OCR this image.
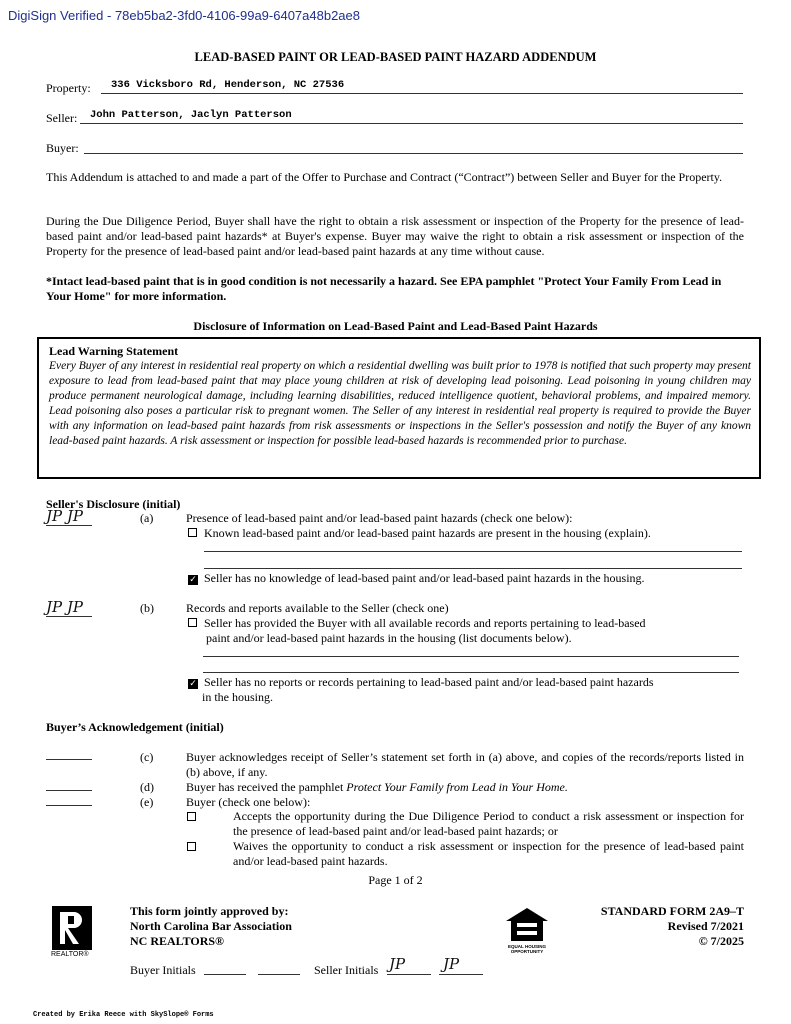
DigiSign Verified - 78eb5ba2-3fd0-4106-99a9-6407a48b2ae8
LEAD-BASED PAINT OR LEAD-BASED PAINT HAZARD ADDENDUM
Property: 336 Vicksboro Rd, Henderson, NC 27536
Seller: John Patterson, Jaclyn Patterson
Buyer:
This Addendum is attached to and made a part of the Offer to Purchase and Contract (“Contract”) between Seller and Buyer for the Property.
During the Due Diligence Period, Buyer shall have the right to obtain a risk assessment or inspection of the Property for the presence of lead-based paint and/or lead-based paint hazards* at Buyer's expense. Buyer may waive the right to obtain a risk assessment or inspection of the Property for the presence of lead-based paint and/or lead-based paint hazards at any time without cause.
*Intact lead-based paint that is in good condition is not necessarily a hazard. See EPA pamphlet "Protect Your Family From Lead in Your Home" for more information.
Disclosure of Information on Lead-Based Paint and Lead-Based Paint Hazards
Lead Warning Statement
Every Buyer of any interest in residential real property on which a residential dwelling was built prior to 1978 is notified that such property may present exposure to lead from lead-based paint that may place young children at risk of developing lead poisoning. Lead poisoning in young children may produce permanent neurological damage, including learning disabilities, reduced intelligence quotient, behavioral problems, and impaired memory. Lead poisoning also poses a particular risk to pregnant women. The Seller of any interest in residential real property is required to provide the Buyer with any information on lead-based paint hazards from risk assessments or inspections in the Seller's possession and notify the Buyer of any known lead-based paint hazards. A risk assessment or inspection for possible lead-based hazards is recommended prior to purchase.
Seller's Disclosure (initial)
JP JP	(a)	Presence of lead-based paint and/or lead-based paint hazards (check one below):
Known lead-based paint and/or lead-based paint hazards are present in the housing (explain).
✓ Seller has no knowledge of lead-based paint and/or lead-based paint hazards in the housing.
JP JP	(b)	Records and reports available to the Seller (check one)
Seller has provided the Buyer with all available records and reports pertaining to lead-based
paint and/or lead-based paint hazards in the housing (list documents below).
✓ Seller has no reports or records pertaining to lead-based paint and/or lead-based paint hazards
in the housing.
Buyer’s Acknowledgement (initial)
(c)	Buyer acknowledges receipt of Seller’s statement set forth in (a) above, and copies of the records/reports listed in (b) above, if any.
(d)	Buyer has received the pamphlet Protect Your Family from Lead in Your Home.
(e)	Buyer (check one below):
Accepts the opportunity during the Due Diligence Period to conduct a risk assessment or inspection for the presence of lead-based paint and/or lead-based paint hazards; or
Waives the opportunity to conduct a risk assessment or inspection for the presence of lead-based paint and/or lead-based paint hazards.
Page 1 of 2
REALTOR®
This form jointly approved by:
North Carolina Bar Association
NC REALTORS®	EQUAL HOUSING OPPORTUNITY
STANDARD FORM 2A9–T
Revised 7/2021
© 7/2025
Buyer Initials	Seller Initials JP	JP
Created by Erika Reece with SkySlope® Forms
